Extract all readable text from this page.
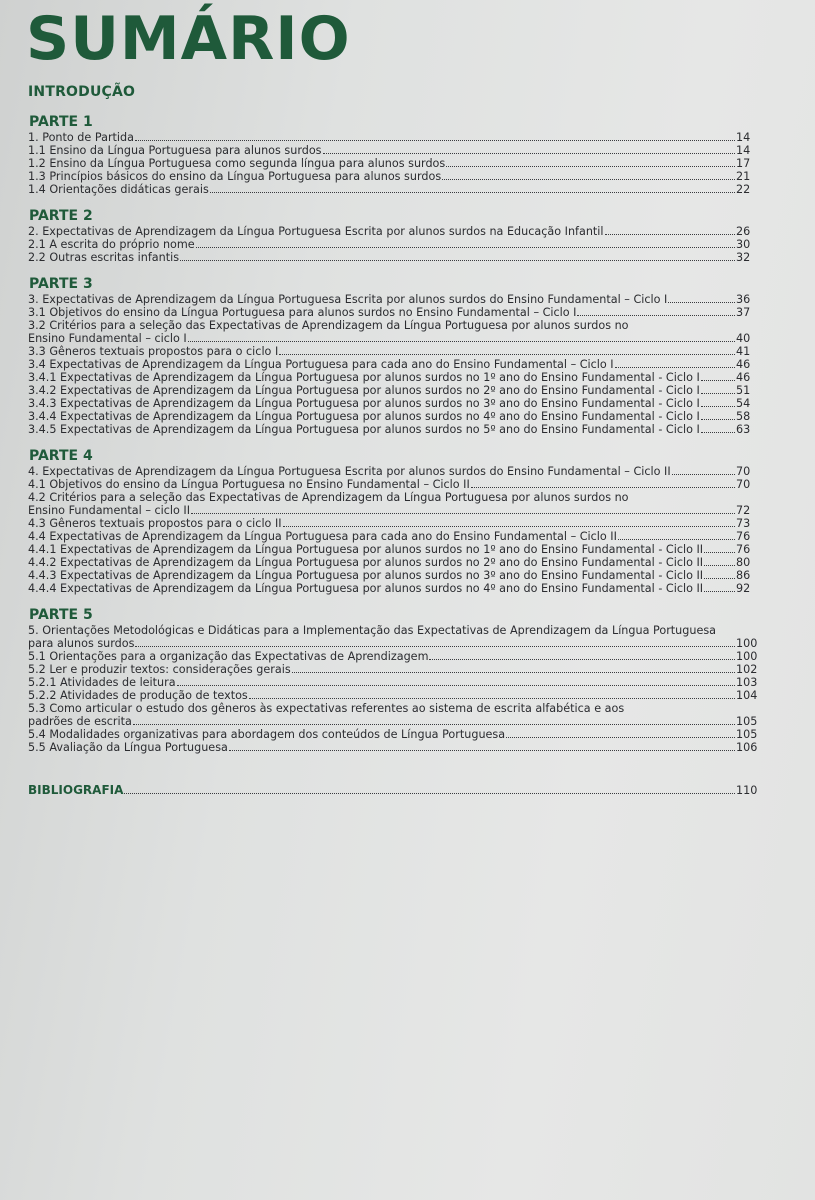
SUMÁRIO
INTRODUÇÃO
PARTE 1
1. Ponto de Partida	14
1.1 Ensino da Língua Portuguesa para alunos surdos	14
1.2 Ensino da Língua Portuguesa como segunda língua para alunos surdos	17
1.3 Princípios básicos do ensino da Língua Portuguesa para alunos surdos	21
1.4 Orientações didáticas gerais	22
PARTE 2
2. Expectativas de Aprendizagem da Língua Portuguesa Escrita por alunos surdos na Educação Infantil	26
2.1 A escrita do próprio nome	30
2.2 Outras escritas infantis	32
PARTE 3
3. Expectativas de Aprendizagem da Língua Portuguesa Escrita por alunos surdos do Ensino Fundamental – Ciclo I	36
3.1 Objetivos do ensino da Língua Portuguesa para alunos surdos no Ensino Fundamental – Ciclo I	37
3.2 Critérios para a seleção das Expectativas de Aprendizagem da Língua Portuguesa por alunos surdos no
Ensino Fundamental – ciclo I	40
3.3 Gêneros textuais propostos para o ciclo I	41
3.4 Expectativas de Aprendizagem da Língua Portuguesa para cada ano do Ensino Fundamental – Ciclo I	46
3.4.1 Expectativas de Aprendizagem da Língua Portuguesa por alunos surdos no 1º ano do Ensino Fundamental - Ciclo I	46
3.4.2 Expectativas de Aprendizagem da Língua Portuguesa por alunos surdos no 2º ano do Ensino Fundamental - Ciclo I	51
3.4.3 Expectativas de Aprendizagem da Língua Portuguesa por alunos surdos no 3º ano do Ensino Fundamental - Ciclo I	54
3.4.4 Expectativas de Aprendizagem da Língua Portuguesa por alunos surdos no 4º ano do Ensino Fundamental - Ciclo I	58
3.4.5 Expectativas de Aprendizagem da Língua Portuguesa por alunos surdos no 5º ano do Ensino Fundamental - Ciclo I	63
PARTE 4
4. Expectativas de Aprendizagem da Língua Portuguesa Escrita por alunos surdos do Ensino Fundamental – Ciclo II	70
4.1 Objetivos do ensino da Língua Portuguesa no Ensino Fundamental – Ciclo II	70
4.2 Critérios para a seleção das Expectativas de Aprendizagem da Língua Portuguesa por alunos surdos no
Ensino Fundamental – ciclo II	72
4.3 Gêneros textuais propostos para o ciclo II	73
4.4 Expectativas de Aprendizagem da Língua Portuguesa para cada ano do Ensino Fundamental – Ciclo II	76
4.4.1 Expectativas de Aprendizagem da Língua Portuguesa por alunos surdos no 1º ano do Ensino Fundamental - Ciclo II	76
4.4.2 Expectativas de Aprendizagem da Língua Portuguesa por alunos surdos no 2º ano do Ensino Fundamental - Ciclo II	80
4.4.3 Expectativas de Aprendizagem da Língua Portuguesa por alunos surdos no 3º ano do Ensino Fundamental - Ciclo II	86
4.4.4 Expectativas de Aprendizagem da Língua Portuguesa por alunos surdos no 4º ano do Ensino Fundamental - Ciclo II	92
PARTE 5
5. Orientações Metodológicas e Didáticas para a Implementação das Expectativas de Aprendizagem da Língua Portuguesa
para alunos surdos	100
5.1 Orientações para a organização das Expectativas de Aprendizagem	100
5.2 Ler e produzir textos: considerações gerais	102
5.2.1 Atividades de leitura	103
5.2.2 Atividades de produção de textos	104
5.3 Como articular o estudo dos gêneros às expectativas referentes ao sistema de escrita alfabética e aos
padrões de escrita	105
5.4 Modalidades organizativas para abordagem dos conteúdos de Língua Portuguesa	105
5.5 Avaliação da Língua Portuguesa	106
BIBLIOGRAFIA	110
